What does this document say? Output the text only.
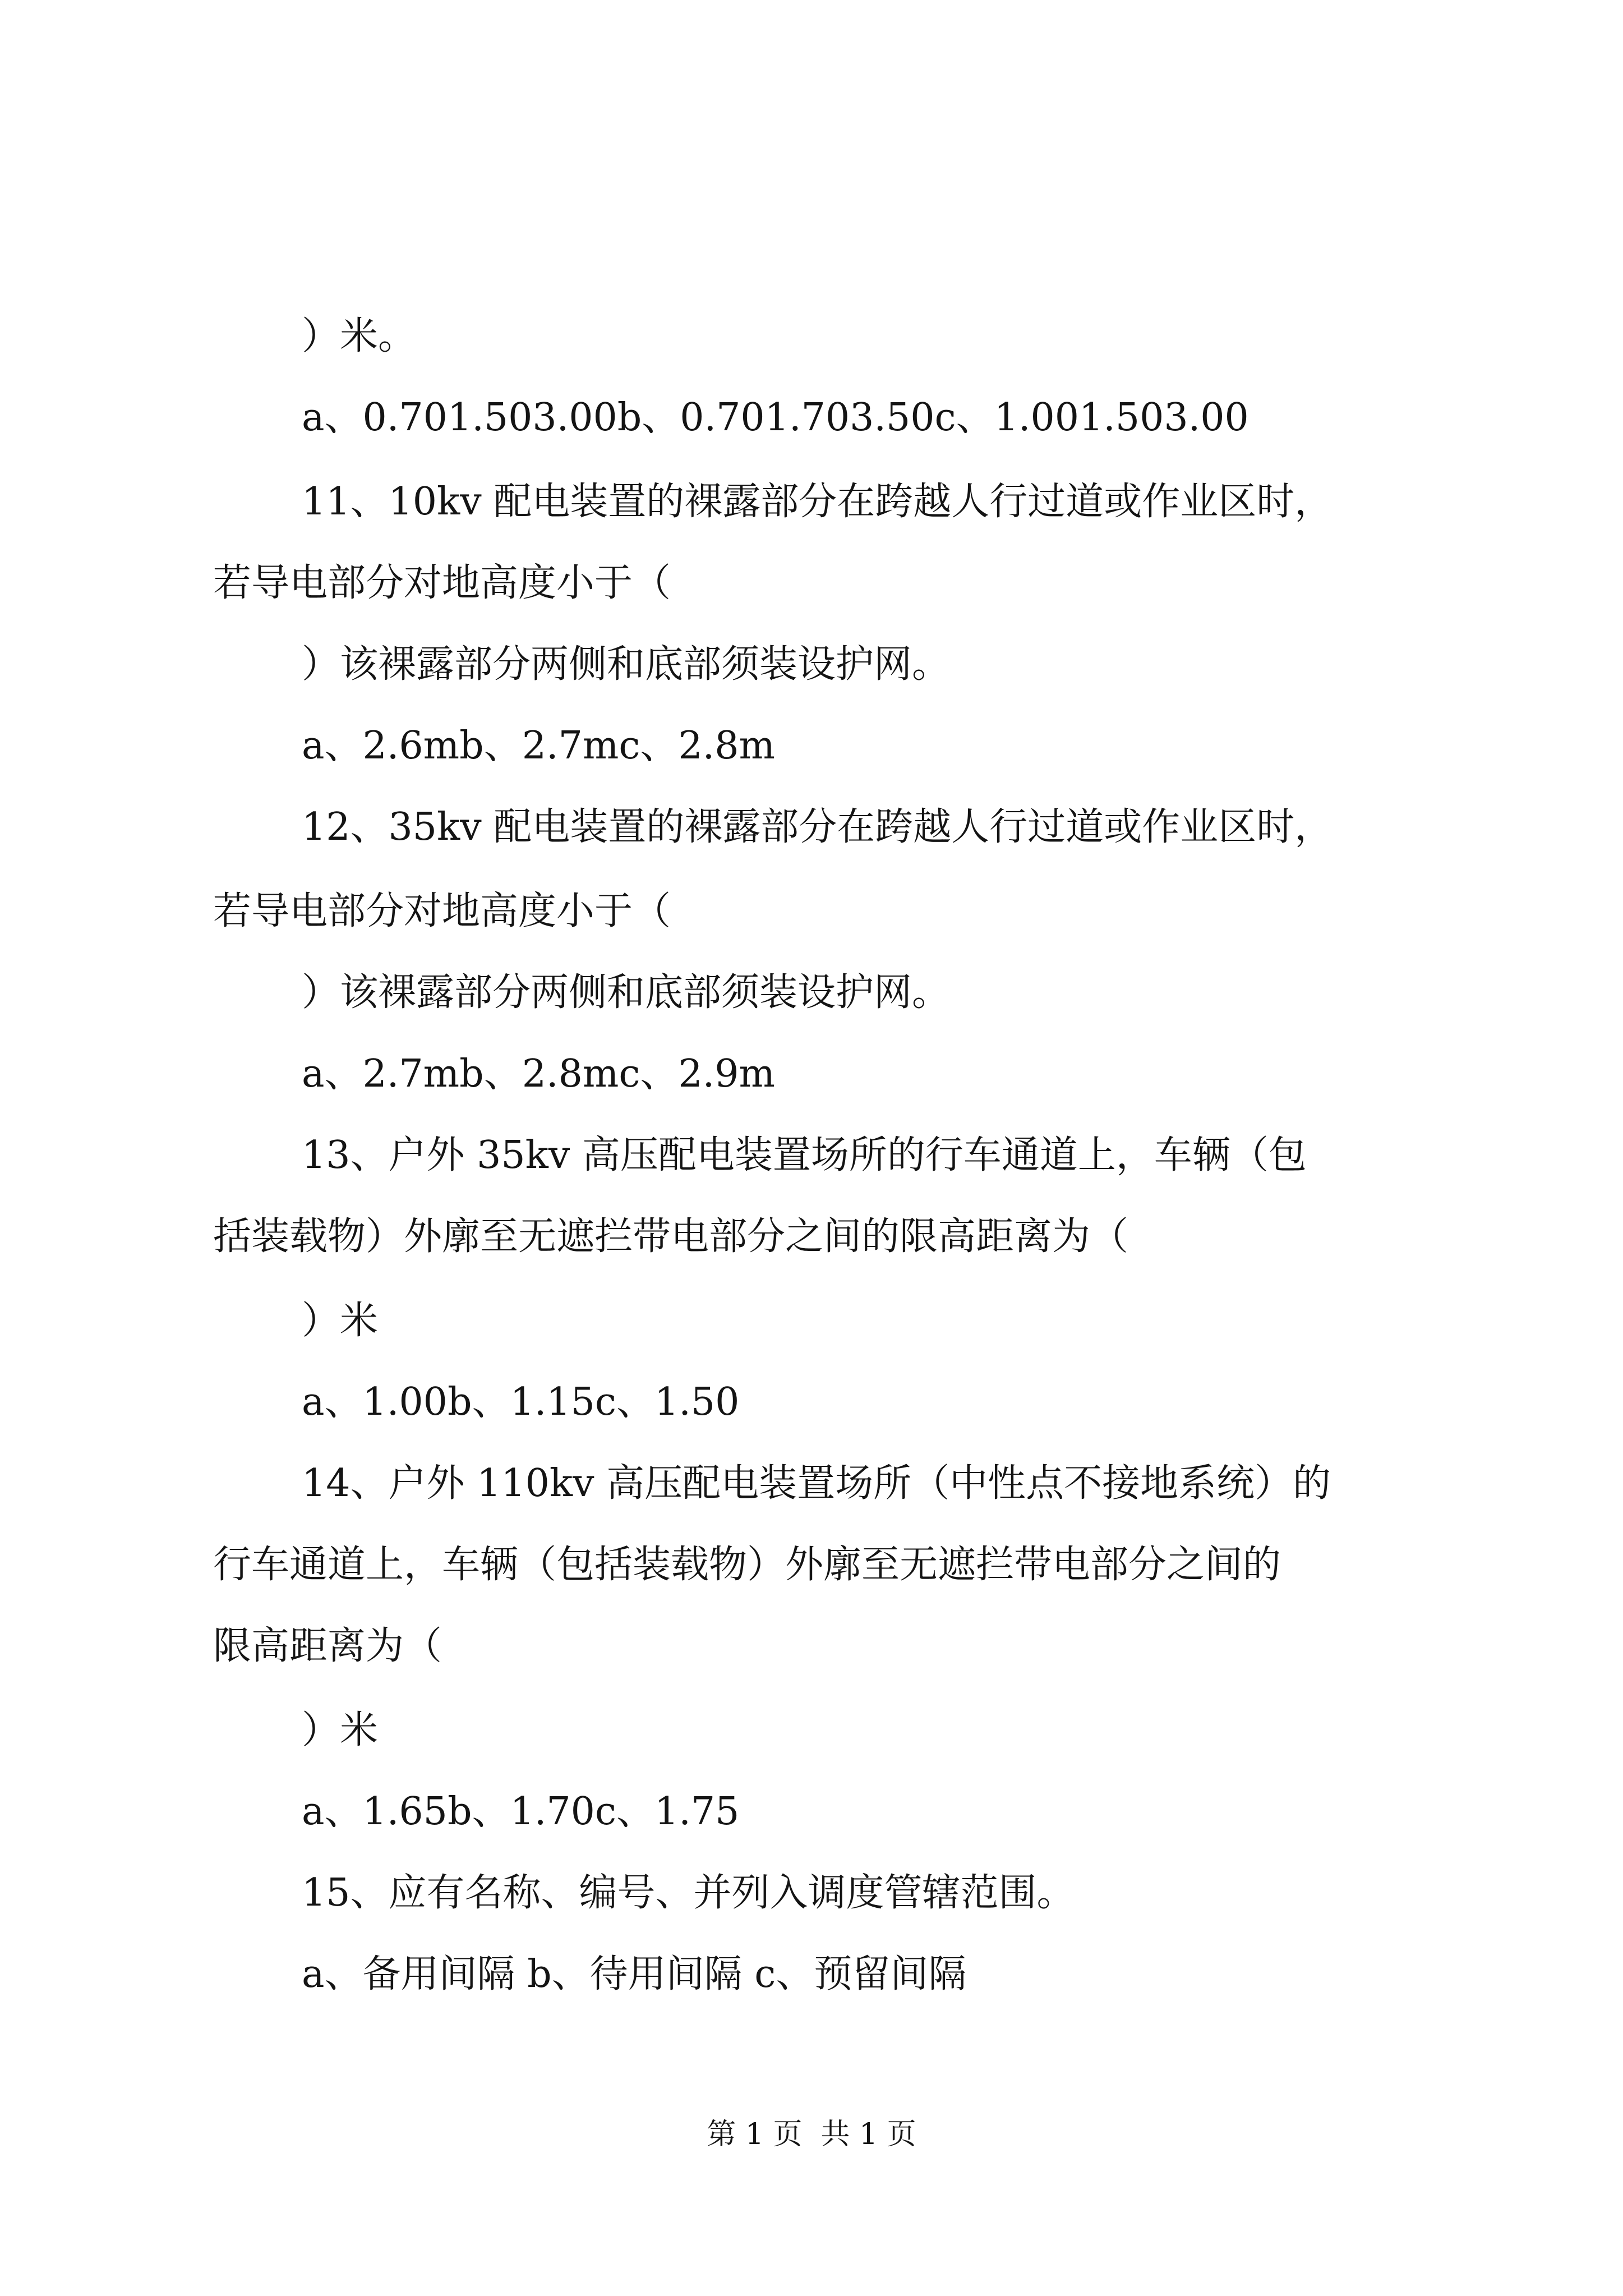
）米。
a、0.701.503.00b、0.701.703.50c、1.001.503.00
11、10kv 配电装置的裸露部分在跨越人行过道或作业区时，
若导电部分对地高度小于（
）该裸露部分两侧和底部须装设护网。
a、2.6mb、2.7mc、2.8m
12、35kv 配电装置的裸露部分在跨越人行过道或作业区时，
若导电部分对地高度小于（
）该裸露部分两侧和底部须装设护网。
a、2.7mb、2.8mc、2.9m
13、户外 35kv 高压配电装置场所的行车通道上，车辆（包
括装载物）外廓至无遮拦带电部分之间的限高距离为（
）米
a、1.00b、1.15c、1.50
14、户外 110kv 高压配电装置场所（中性点不接地系统）的
行车通道上，车辆（包括装载物）外廓至无遮拦带电部分之间的
限高距离为（
）米
a、1.65b、1.70c、1.75
15、应有名称、编号、并列入调度管辖范围。
a、备用间隔 b、待用间隔 c、预留间隔
第 1 页  共 1 页
